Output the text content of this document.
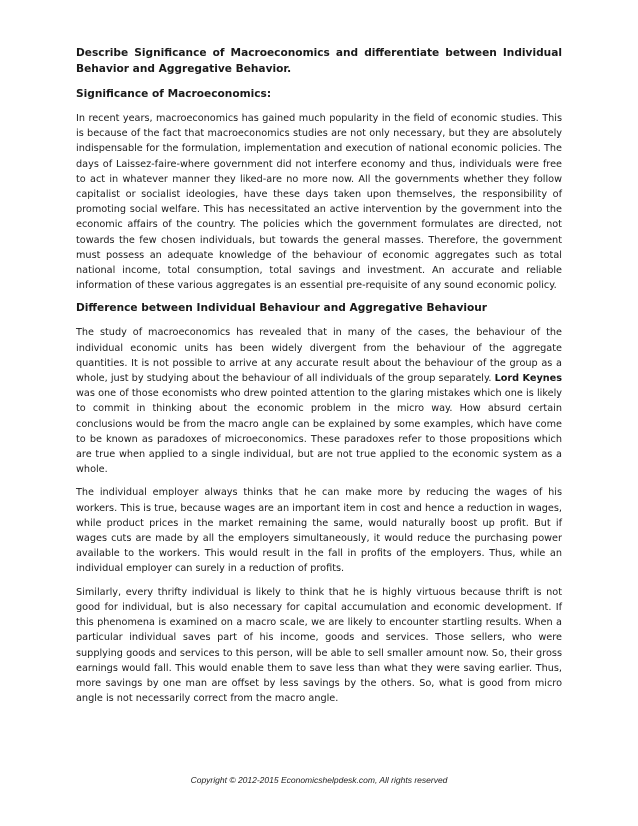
Describe Significance of Macroeconomics and differentiate between Individual Behavior and Aggregative Behavior.
Significance of Macroeconomics:

In recent years, macroeconomics has gained much popularity in the field of economic studies. This is because of the fact that macroeconomics studies are not only necessary, but they are absolutely indispensable for the formulation, implementation and execution of national economic policies. The days of Laissez-faire-where government did not interfere economy and thus, individuals were free to act in whatever manner they liked-are no more now. All the governments whether they follow capitalist or socialist ideologies, have these days taken upon themselves, the responsibility of promoting social welfare. This has necessitated an active intervention by the government into the economic affairs of the country. The policies which the government formulates are directed, not towards the few chosen individuals, but towards the general masses. Therefore, the government must possess an adequate knowledge of the behaviour of economic aggregates such as total national income, total consumption, total savings and investment. An accurate and reliable information of these various aggregates is an essential pre-requisite of any sound economic policy.

Difference between Individual Behaviour and Aggregative Behaviour

The study of macroeconomics has revealed that in many of the cases, the behaviour of the individual economic units has been widely divergent from the behaviour of the aggregate quantities. It is not possible to arrive at any accurate result about the behaviour of the group as a whole, just by studying about the behaviour of all individuals of the group separately. Lord Keynes was one of those economists who drew pointed attention to the glaring mistakes which one is likely to commit in thinking about the economic problem in the micro way. How absurd certain conclusions would be from the macro angle can be explained by some examples, which have come to be known as paradoxes of microeconomics. These paradoxes refer to those propositions which are true when applied to a single individual, but are not true applied to the economic system as a whole.

The individual employer always thinks that he can make more by reducing the wages of his workers. This is true, because wages are an important item in cost and hence a reduction in wages, while product prices in the market remaining the same, would naturally boost up profit. But if wages cuts are made by all the employers simultaneously, it would reduce the purchasing power available to the workers. This would result in the fall in profits of the employers. Thus, while an individual employer can surely in a reduction of profits.

Similarly, every thrifty individual is likely to think that he is highly virtuous because thrift is not good for individual, but is also necessary for capital accumulation and economic development. If this phenomena is examined on a macro scale, we are likely to encounter startling results. When a particular individual saves part of his income, goods and services. Those sellers, who were supplying goods and services to this person, will be able to sell smaller amount now. So, their gross earnings would fall. This would enable them to save less than what they were saving earlier. Thus, more savings by one man are offset by less savings by the others. So, what is good from micro angle is not necessarily correct from the macro angle.

Copyright © 2012-2015 Economicshelpdesk.com, All rights reserved
